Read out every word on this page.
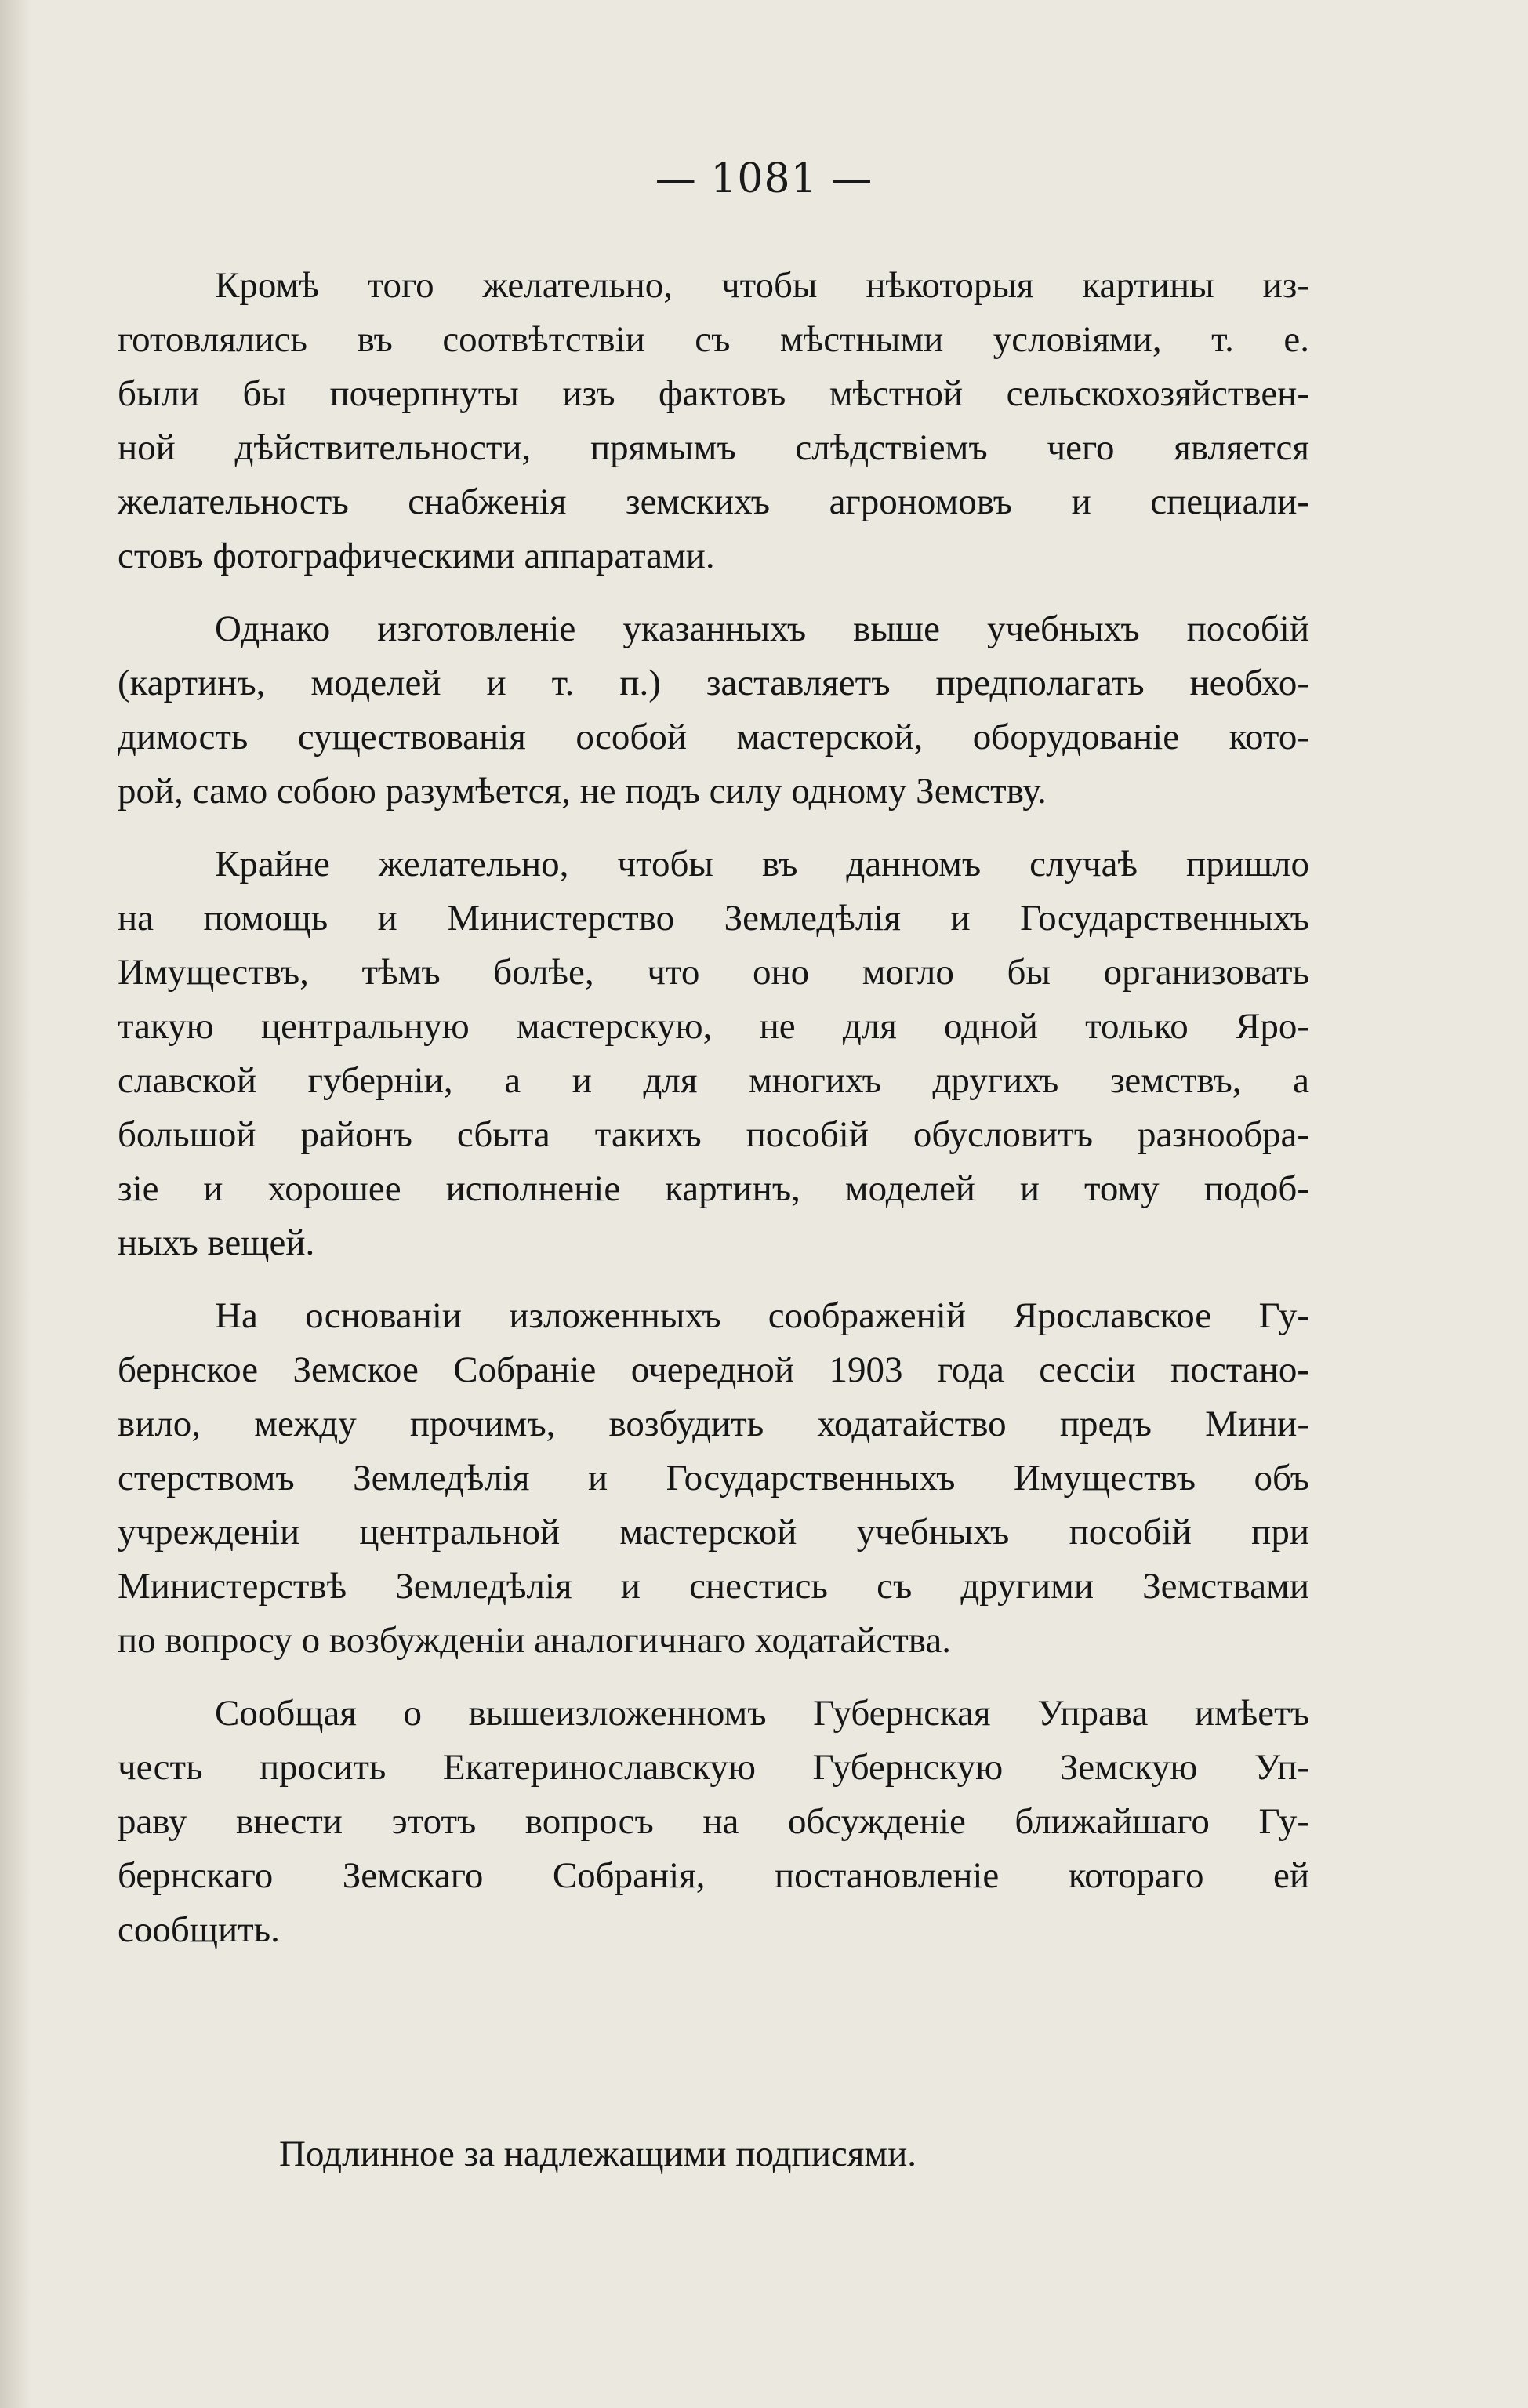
— 1081 —
Кромѣ того желательно, чтобы нѣкоторыя картины из-
готовлялись въ соотвѣтствіи съ мѣстными условіями, т. е.
были бы почерпнуты изъ фактовъ мѣстной сельскохозяйствен-
ной дѣйствительности, прямымъ слѣдствіемъ чего является
желательность снабженія земскихъ агрономовъ и специали-
стовъ фотографическими аппаратами.
Однако изготовленіе указанныхъ выше учебныхъ пособій
(картинъ, моделей и т. п.) заставляетъ предполагать необхо-
димость существованія особой мастерской, оборудованіе кото-
рой, само собою разумѣется, не подъ силу одному Земству.
Крайне желательно, чтобы въ данномъ случаѣ пришло
на помощь и Министерство Земледѣлія и Государственныхъ
Имуществъ, тѣмъ болѣе, что оно могло бы организовать
такую центральную мастерскую, не для одной только Яро-
славской губерніи, а и для многихъ другихъ земствъ, а
большой районъ сбыта такихъ пособій обусловитъ разнообра-
зіе и хорошее исполненіе картинъ, моделей и тому подоб-
ныхъ вещей.
На основаніи изложенныхъ соображеній Ярославское Гу-
бернское Земское Собраніе очередной 1903 года сессіи постано-
вило, между прочимъ, возбудить ходатайство предъ Мини-
стерствомъ Земледѣлія и Государственныхъ Имуществъ объ
учрежденіи центральной мастерской учебныхъ пособій при
Министерствѣ Земледѣлія и снестись съ другими Земствами
по вопросу о возбужденіи аналогичнаго ходатайства.
Сообщая о вышеизложенномъ Губернская Управа имѣетъ
честь просить Екатеринославскую Губернскую Земскую Уп-
раву внести этотъ вопросъ на обсужденіе ближайшаго Гу-
бернскаго Земскаго Собранія, постановленіе котораго ей
сообщить.
Подлинное за надлежащими подписями.
